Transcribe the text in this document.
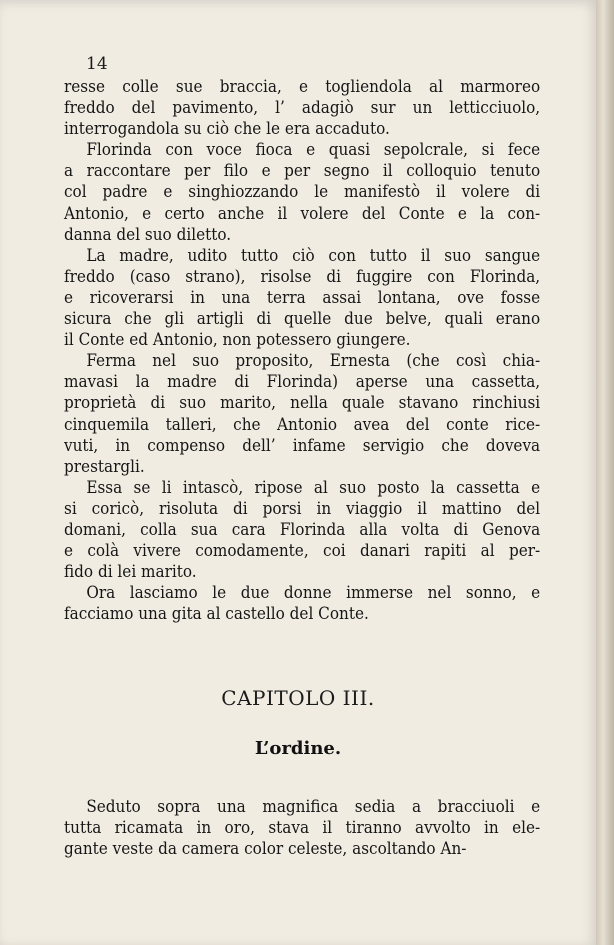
14
resse colle sue braccia, e togliendola al marmoreo
freddo del pavimento, l’ adagiò sur un letticciuolo,
interrogandola su ciò che le era accaduto.
Florinda con voce fioca e quasi sepolcrale, si fece
a raccontare per filo e per segno il colloquio tenuto
col padre e singhiozzando le manifestò il volere di
Antonio, e certo anche il volere del Conte e la con-
danna del suo diletto.
La madre, udito tutto ciò con tutto il suo sangue
freddo (caso strano), risolse di fuggire con Florinda,
e ricoverarsi in una terra assai lontana, ove fosse
sicura che gli artigli di quelle due belve, quali erano
il Conte ed Antonio, non potessero giungere.
Ferma nel suo proposito, Ernesta (che così chia-
mavasi la madre di Florinda) aperse una cassetta,
proprietà di suo marito, nella quale stavano rinchiusi
cinquemila talleri, che Antonio avea del conte rice-
vuti, in compenso dell’ infame servigio che doveva
prestargli.
Essa se li intascò, ripose al suo posto la cassetta e
si coricò, risoluta di porsi in viaggio il mattino del
domani, colla sua cara Florinda alla volta di Genova
e colà vivere comodamente, coi danari rapiti al per-
fido di lei marito.
Ora lasciamo le due donne immerse nel sonno, e
facciamo una gita al castello del Conte.
CAPITOLO III.
L’ordine.
Seduto sopra una magnifica sedia a bracciuoli e
tutta ricamata in oro, stava il tiranno avvolto in ele-
gante veste da camera color celeste, ascoltando An-
